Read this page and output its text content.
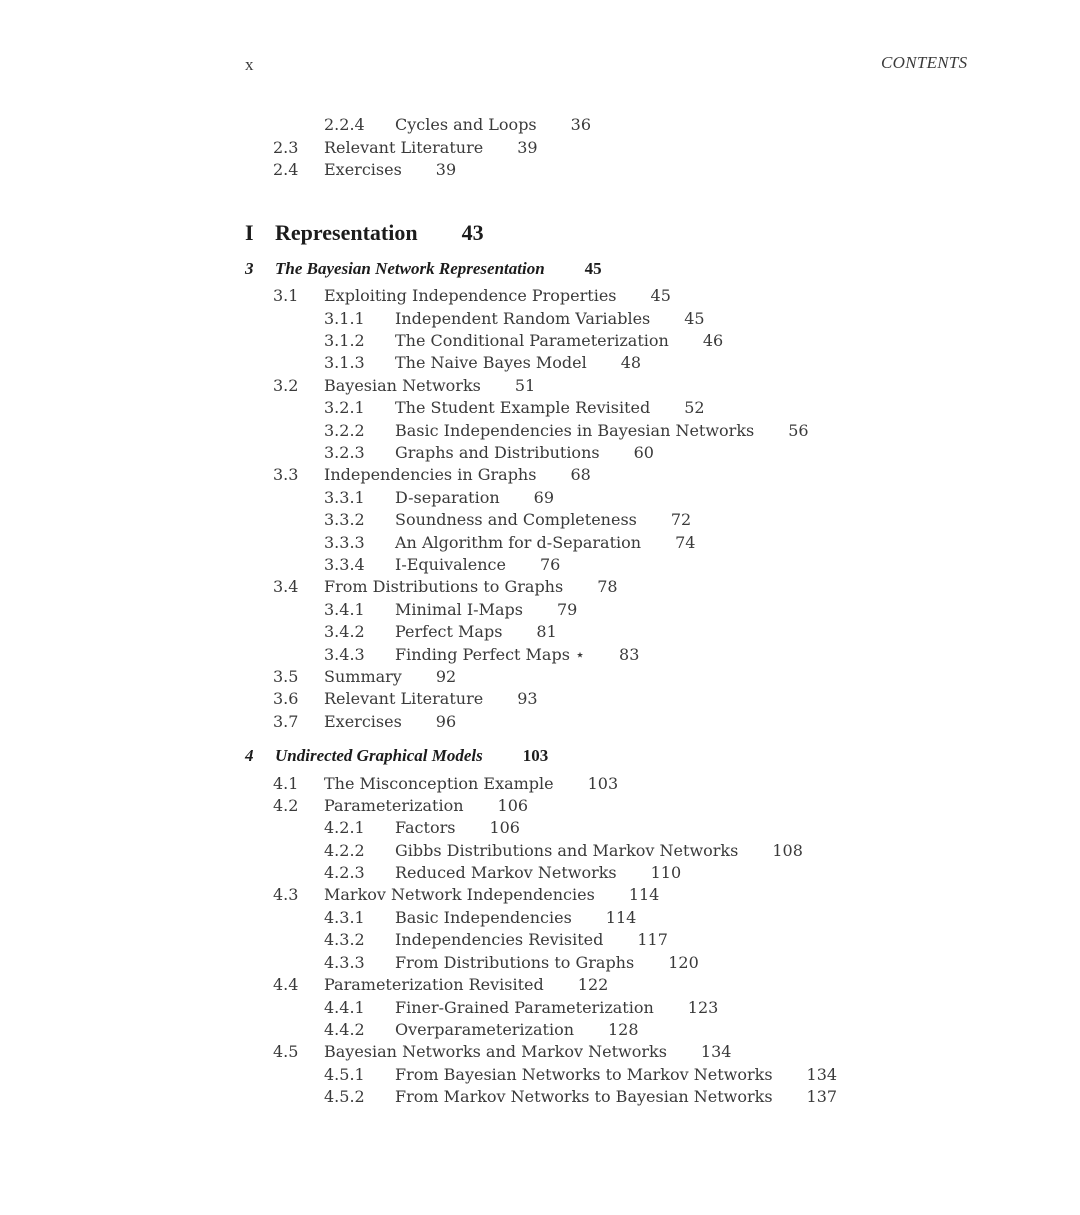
x	CONTENTS
I Representation 43
2.2.4 Cycles and Loops 36
2.3 Relevant Literature 39
2.4 Exercises 39
3 The Bayesian Network Representation 45
3.1 Exploiting Independence Properties 45
3.1.1 Independent Random Variables 45
3.1.2 The Conditional Parameterization 46
3.1.3 The Naive Bayes Model 48
3.2 Bayesian Networks 51
3.2.1 The Student Example Revisited 52
3.2.2 Basic Independencies in Bayesian Networks 56
3.2.3 Graphs and Distributions 60
3.3 Independencies in Graphs 68
3.3.1 D-separation 69
3.3.2 Soundness and Completeness 72
3.3.3 An Algorithm for d-Separation 74
3.3.4 I-Equivalence 76
3.4 From Distributions to Graphs 78
3.4.1 Minimal I-Maps 79
3.4.2 Perfect Maps 81
3.4.3 Finding Perfect Maps ⋆ 83
3.5 Summary 92
3.6 Relevant Literature 93
3.7 Exercises 96
4 Undirected Graphical Models 103
4.1 The Misconception Example 103
4.2 Parameterization 106
4.2.1 Factors 106
4.2.2 Gibbs Distributions and Markov Networks 108
4.2.3 Reduced Markov Networks 110
4.3 Markov Network Independencies 114
4.3.1 Basic Independencies 114
4.3.2 Independencies Revisited 117
4.3.3 From Distributions to Graphs 120
4.4 Parameterization Revisited 122
4.4.1 Finer-Grained Parameterization 123
4.4.2 Overparameterization 128
4.5 Bayesian Networks and Markov Networks 134
4.5.1 From Bayesian Networks to Markov Networks 134
4.5.2 From Markov Networks to Bayesian Networks 137
